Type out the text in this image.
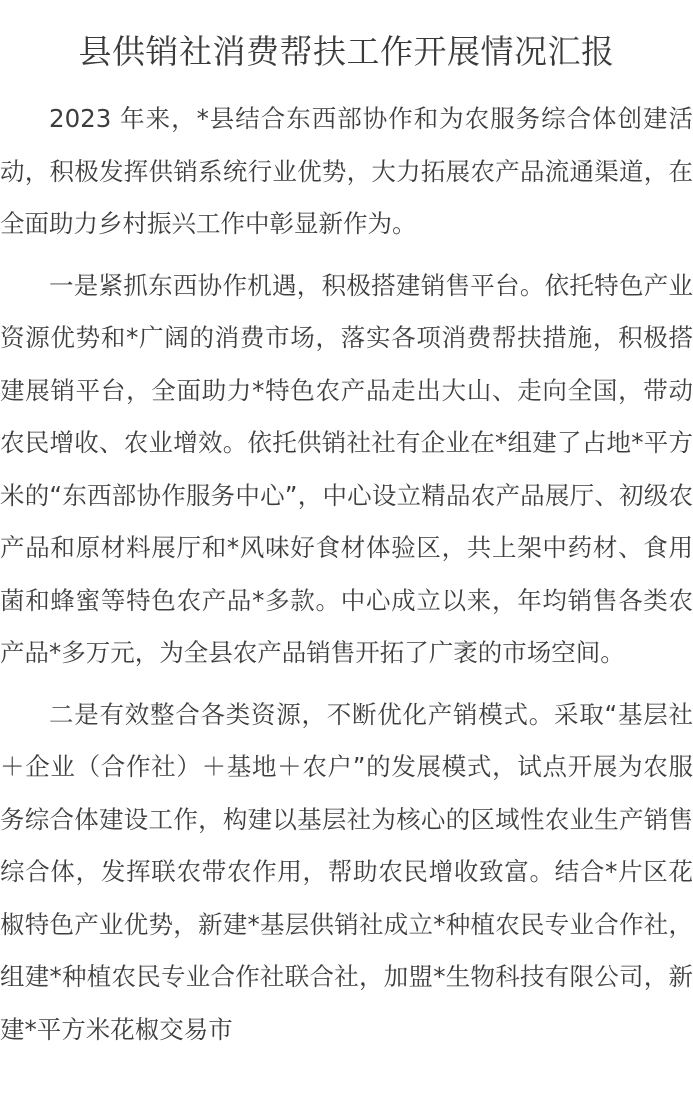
县供销社消费帮扶工作开展情况汇报

2023 年来，*县结合东西部协作和为农服务综合体创建活动，积极发挥供销系统行业优势，大力拓展农产品流通渠道，在全面助力乡村振兴工作中彰显新作为。

一是紧抓东西协作机遇，积极搭建销售平台。依托特色产业资源优势和*广阔的消费市场，落实各项消费帮扶措施，积极搭建展销平台，全面助力*特色农产品走出大山、走向全国，带动农民增收、农业增效。依托供销社社有企业在*组建了占地*平方米的“东西部协作服务中心”，中心设立精品农产品展厅、初级农产品和原材料展厅和*风味好食材体验区，共上架中药材、食用菌和蜂蜜等特色农产品*多款。中心成立以来，年均销售各类农产品*多万元，为全县农产品销售开拓了广袤的市场空间。

二是有效整合各类资源，不断优化产销模式。采取“基层社＋企业（合作社）＋基地＋农户”的发展模式，试点开展为农服务综合体建设工作，构建以基层社为核心的区域性农业生产销售综合体，发挥联农带农作用，帮助农民增收致富。结合*片区花椒特色产业优势，新建*基层供销社成立*种植农民专业合作社，组建*种植农民专业合作社联合社，加盟*生物科技有限公司，新建*平方米花椒交易市
